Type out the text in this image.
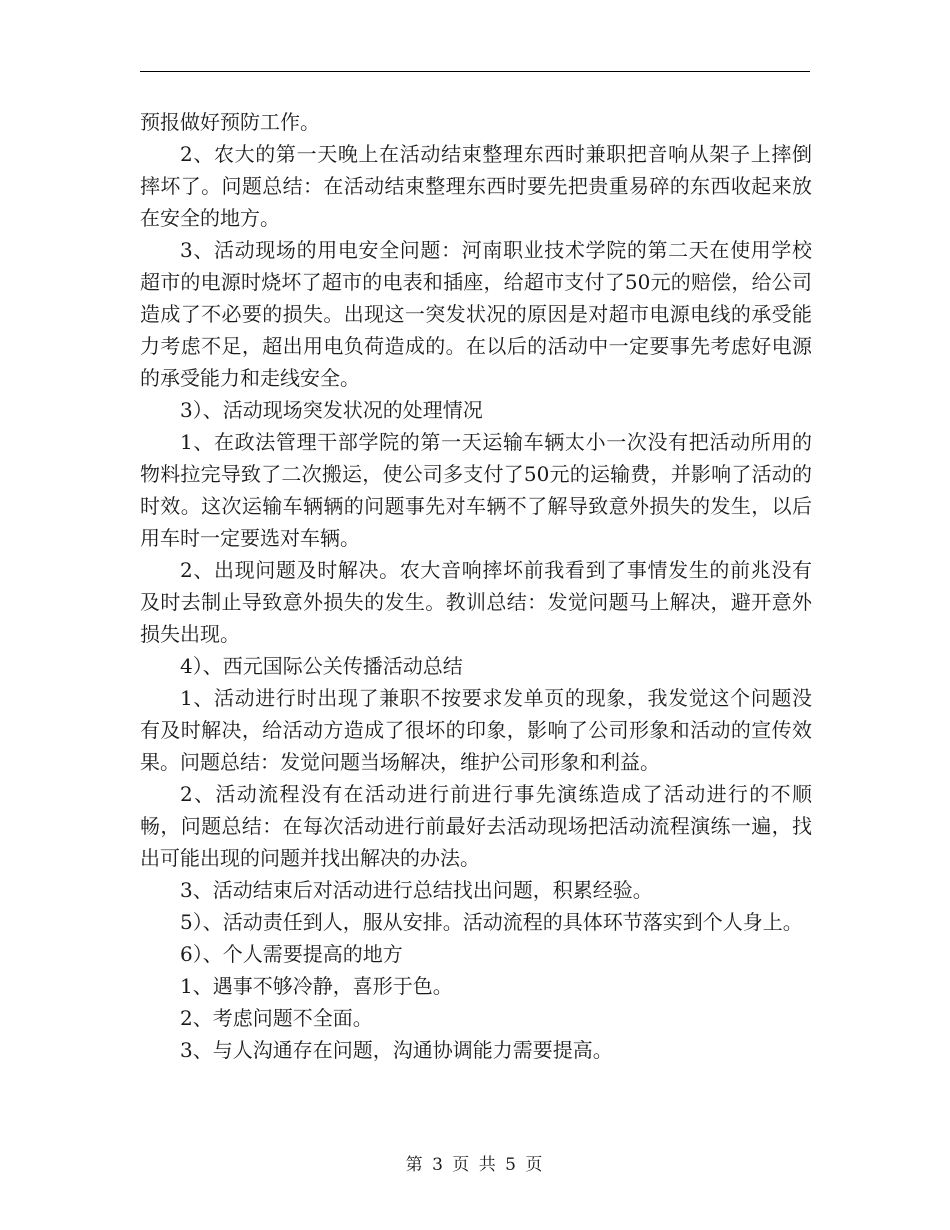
预报做好预防工作。

2、农大的第一天晚上在活动结束整理东西时兼职把音响从架子上摔倒摔坏了。问题总结：在活动结束整理东西时要先把贵重易碎的东西收起来放在安全的地方。

3、活动现场的用电安全问题：河南职业技术学院的第二天在使用学校超市的电源时烧坏了超市的电表和插座，给超市支付了50元的赔偿，给公司造成了不必要的损失。出现这一突发状况的原因是对超市电源电线的承受能力考虑不足，超出用电负荷造成的。在以后的活动中一定要事先考虑好电源的承受能力和走线安全。

3）、活动现场突发状况的处理情况

1、在政法管理干部学院的第一天运输车辆太小一次没有把活动所用的物料拉完导致了二次搬运，使公司多支付了50元的运输费，并影响了活动的时效。这次运输车辆辆的问题事先对车辆不了解导致意外损失的发生，以后用车时一定要选对车辆。

2、出现问题及时解决。农大音响摔坏前我看到了事情发生的前兆没有及时去制止导致意外损失的发生。教训总结：发觉问题马上解决，避开意外损失出现。

4）、西元国际公关传播活动总结

1、活动进行时出现了兼职不按要求发单页的现象，我发觉这个问题没有及时解决，给活动方造成了很坏的印象，影响了公司形象和活动的宣传效果。问题总结：发觉问题当场解决，维护公司形象和利益。

2、活动流程没有在活动进行前进行事先演练造成了活动进行的不顺畅，问题总结：在每次活动进行前最好去活动现场把活动流程演练一遍，找出可能出现的问题并找出解决的办法。

3、活动结束后对活动进行总结找出问题，积累经验。

5）、活动责任到人，服从安排。活动流程的具体环节落实到个人身上。

6）、个人需要提高的地方

1、遇事不够冷静，喜形于色。

2、考虑问题不全面。

3、与人沟通存在问题，沟通协调能力需要提高。

第 3 页 共 5 页
